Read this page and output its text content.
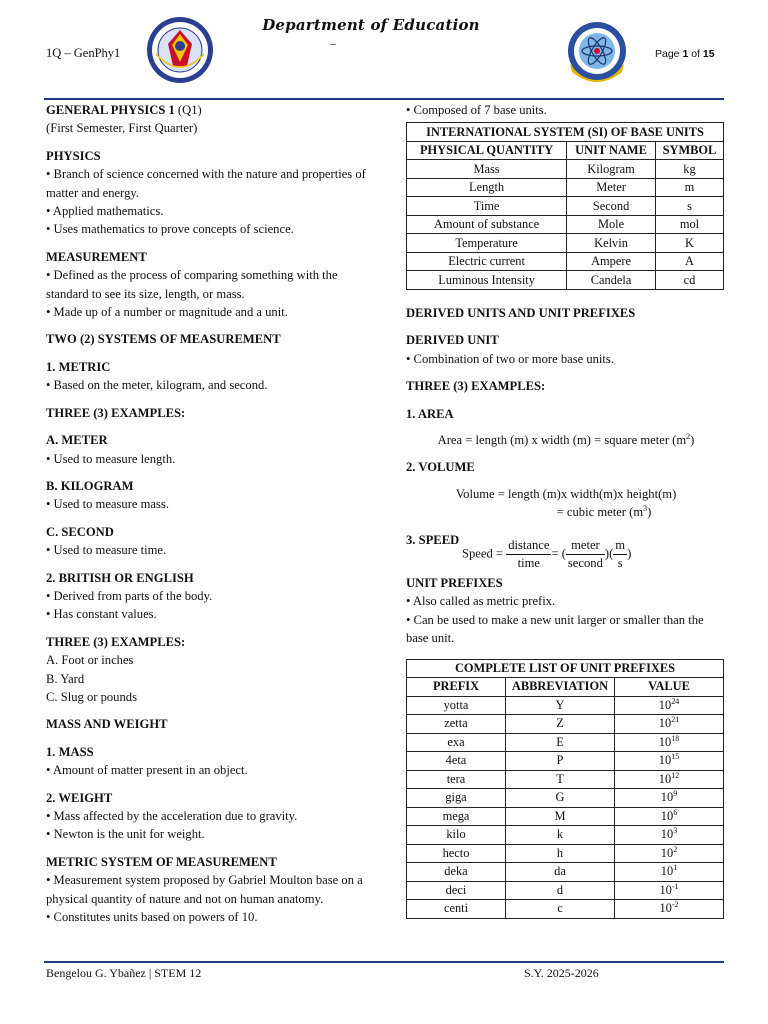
1Q – GenPhy1
Department of Education
–
Page 1 of 15
GENERAL PHYSICS 1 (Q1)
(First Semester, First Quarter)
PHYSICS
• Branch of science concerned with the nature and properties of matter and energy.
• Applied mathematics.
• Uses mathematics to prove concepts of science.
MEASUREMENT
• Defined as the process of comparing something with the standard to see its size, length, or mass.
• Made up of a number or magnitude and a unit.
TWO (2) SYSTEMS OF MEASUREMENT
1. METRIC
• Based on the meter, kilogram, and second.
THREE (3) EXAMPLES:
A. METER
• Used to measure length.
B. KILOGRAM
• Used to measure mass.
C. SECOND
• Used to measure time.
2. BRITISH OR ENGLISH
• Derived from parts of the body.
• Has constant values.
THREE (3) EXAMPLES:
A. Foot or inches
B. Yard
C. Slug or pounds
MASS AND WEIGHT
1. MASS
• Amount of matter present in an object.
2. WEIGHT
• Mass affected by the acceleration due to gravity.
• Newton is the unit for weight.
METRIC SYSTEM OF MEASUREMENT
• Measurement system proposed by Gabriel Moulton base on a physical quantity of nature and not on human anatomy.
• Constitutes units based on powers of 10.
• Composed of 7 base units.
INTERNATIONAL SYSTEM (SI) OF BASE UNITS		
PHYSICAL QUANTITY	UNIT NAME	SYMBOL
Mass	Kilogram	kg
Length	Meter	m
Time	Second	s
Amount of substance	Mole	mol
Temperature	Kelvin	K
Electric current	Ampere	A
Luminous Intensity	Candela	cd
DERIVED UNITS AND UNIT PREFIXES
DERIVED UNIT
• Combination of two or more base units.
THREE (3) EXAMPLES:
1. AREA
Area = length (m) x width (m) = square meter $(m^2)$
2. VOLUME
Volume = length (m)x width(m)x height(m)
= cubic meter $(m^3)$
3. SPEED
Speed = $\frac{\text{distance}}{\text{time}}$ = ( $\frac{\text{meter}}{\text{second}}$ )( $\frac{m}{s}$ )
UNIT PREFIXES
• Also called as metric prefix.
• Can be used to make a new unit larger or smaller than the base unit.
COMPLETE LIST OF UNIT PREFIXES		
PREFIX	ABBREVIATION	VALUE
yotta	Y	$10^{24}$
zetta	Z	$10^{21}$
exa	E	$10^{18}$
4eta	P	$10^{15}$
tera	T	$10^{12}$
giga	G	$10^9$
mega	M	$10^6$
kilo	k	$10^3$
hecto	h	$10^2$
deka	da	$10^1$
deci	d	$10^{-1}$
centi	c	$10^{-2}$
Bengelou G. Ybañez | STEM 12	S.Y. 2025-2026
